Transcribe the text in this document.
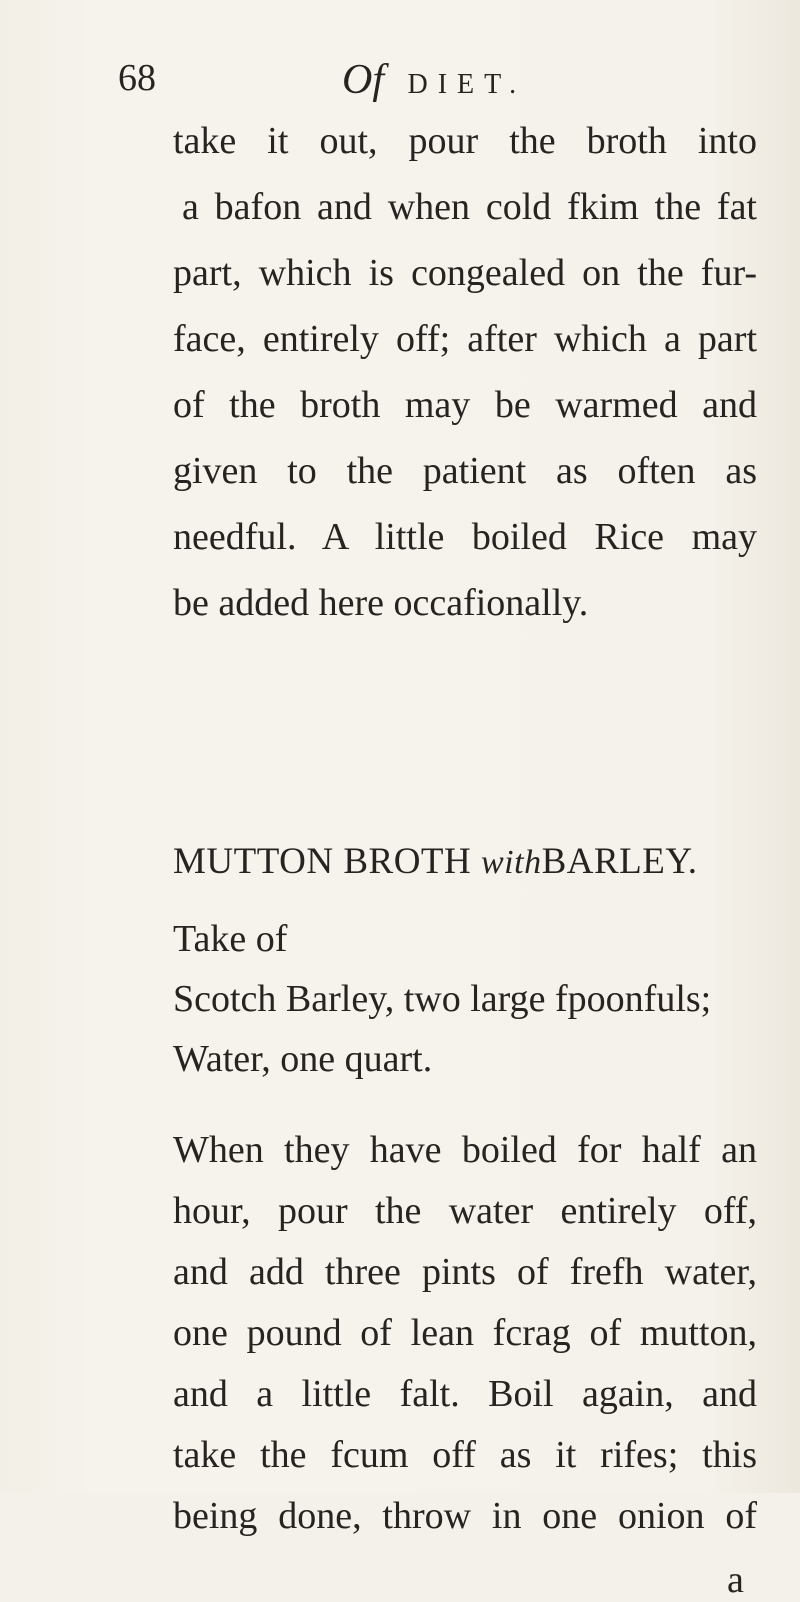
68	Of DIET.
take it out, pour the broth into
a bafon and when cold fkim the fat
part, which is congealed on the fur-
face, entirely off; after which a part
of the broth may be warmed and
given to the patient as often as
needful. A little boiled Rice may
be added here occafionally.
MUTTON BROTH withBARLEY.
Take of
Scotch Barley, two large fpoonfuls;
Water, one quart.
When they have boiled for half an
hour, pour the water entirely off,
and add three pints of frefh water,
one pound of lean fcrag of mutton,
and a little falt. Boil again, and
take the fcum off as it rifes; this
being done, throw in one onion of
a
